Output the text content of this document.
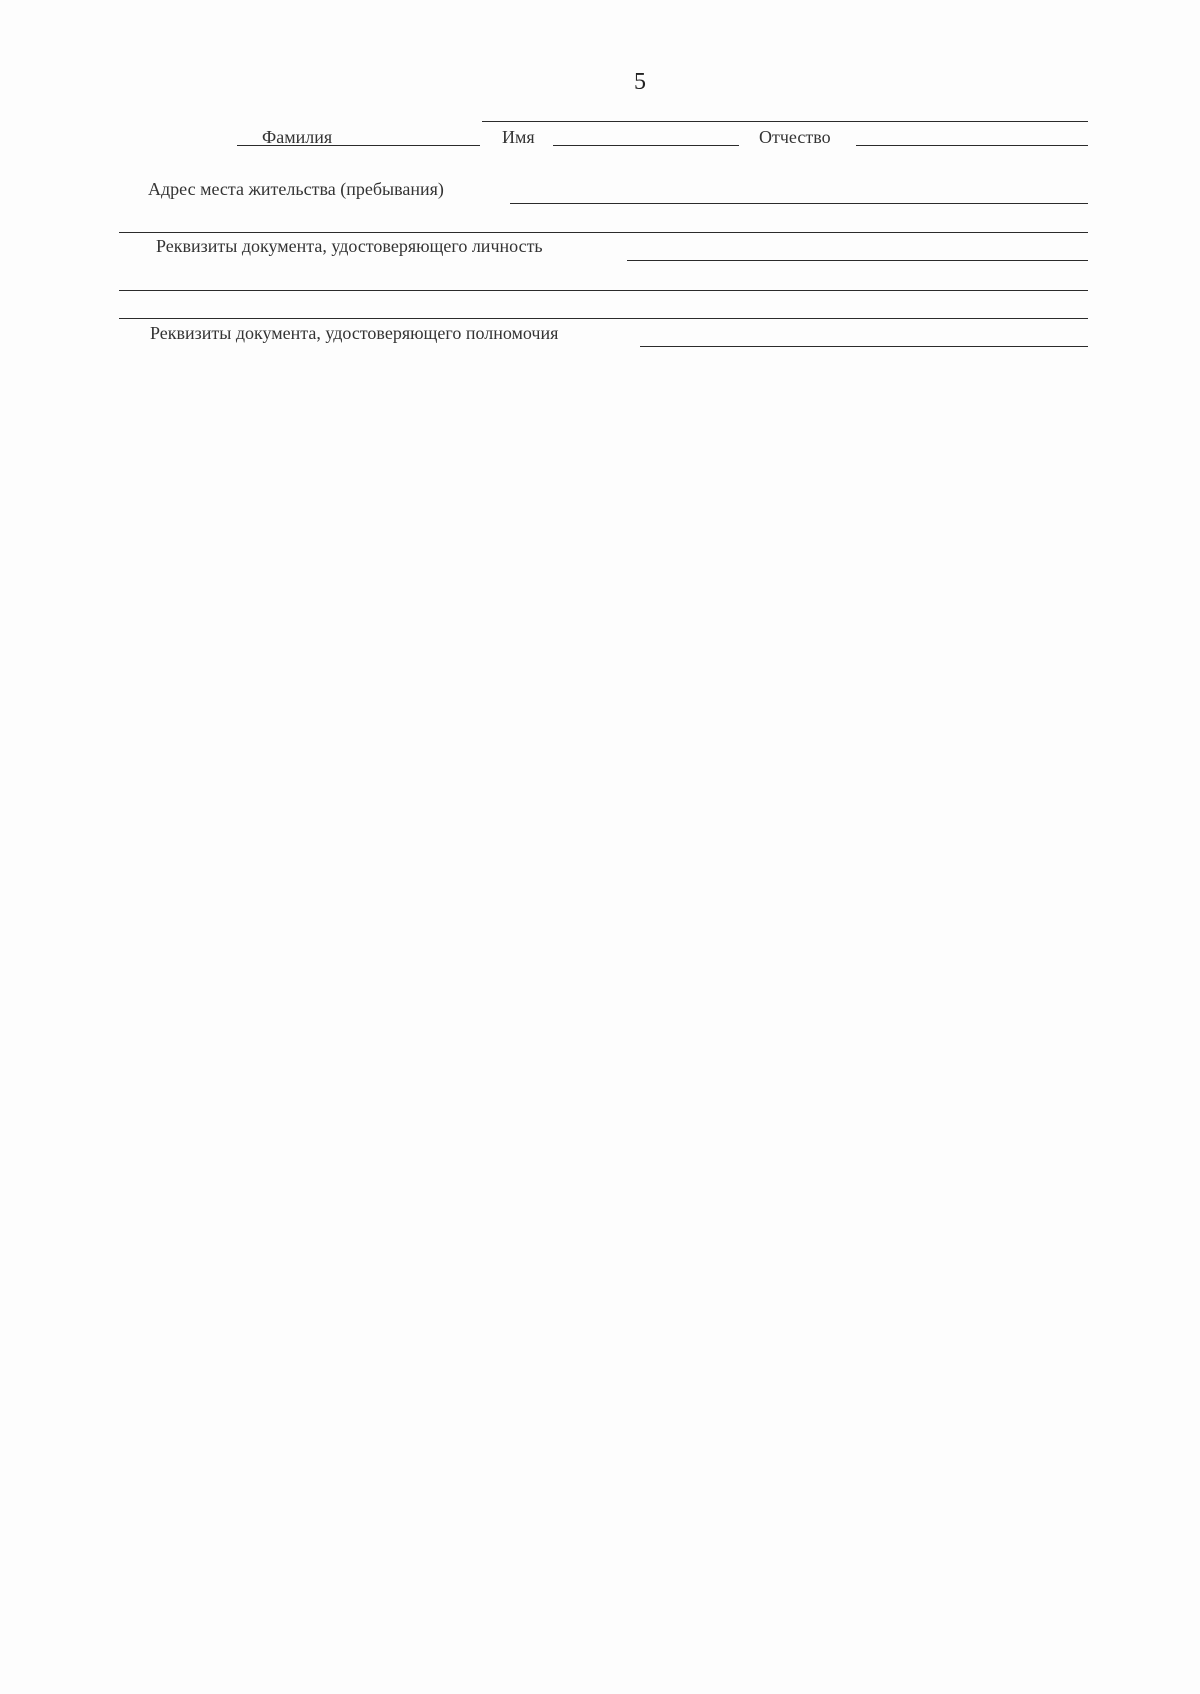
5
Фамилия	Имя	Отчество
Адрес места жительства (пребывания)
Реквизиты документа, удостоверяющего личность
Реквизиты документа, удостоверяющего полномочия
